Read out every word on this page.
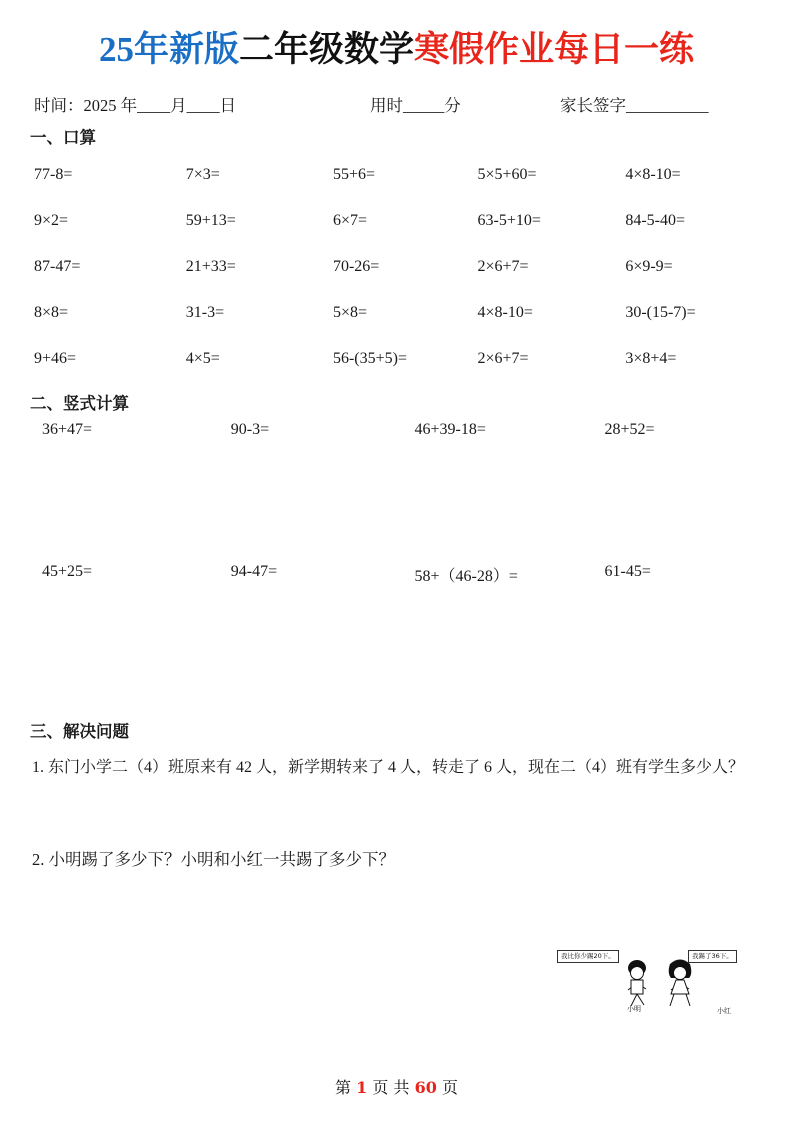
25年新版二年级数学寒假作业每日一练
时间：2025 年____月____日	用时_____分	家长签字__________
一、口算
77-8=	7×3=	55+6=	5×5+60=	4×8-10=
9×2=	59+13=	6×7=	63-5+10=	84-5-40=
87-47=	21+33=	70-26=	2×6+7=	6×9-9=
8×8=	31-3=	5×8=	4×8-10=	30-(15-7)=
9+46=	4×5=	56-(35+5)=	2×6+7=	3×8+4=
二、竖式计算
36+47=	90-3=	46+39-18=	28+52=
45+25=	94-47=	58+（46-28）=	61-45=
三、解决问题

1. 东门小学二（4）班原来有 42 人，新学期转来了 4 人，转走了 6 人，现在二（4）班有学生多少人？

2. 小明踢了多少下？小明和小红一共踢了多少下？

我比你少踢20下。	我踢了36下。
小明	小红
第 1 页 共 60 页
